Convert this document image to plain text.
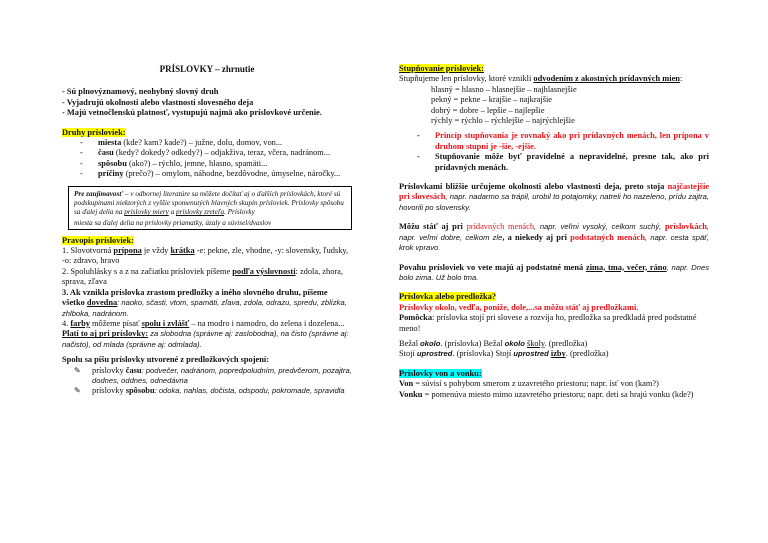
PRÍSLOVKY – zhrnutie
- Sú plnovýznamový, neohybný slovný druh
- Vyjadrujú okolnosti alebo vlastnosti slovesného deja
- Majú vetnočlenskú platnosť, vystupujú najmä ako príslovkové určenie.
Druhy prísloviek:
-	miesta (kde? kam? kade?) – južne, dolu, domov, von...
-	času (kedy? dokedy? odkedy?) – odjakživa, teraz, včera, nadránom...
-	spôsobu (ako?) – rýchlo, jemne, hlasno, spamäti...
-	príčiny (prečo?) – omylom, náhodne, bezdôvodne, úmyselne, náročky...
Pre zaujímavosť – v odbornej literatúre sa môžete dočítať aj o ďalších príslovkách, ktoré sú podskupinami niektorých z vyššie spomenutých hlavných skupín prísloviek. Príslovky spôsobu sa ďalej delia na príslovky miery a príslovky zreteľa. Príslovky
miesta sa ďalej delia na príslovky priamatky, úzaly a súvisel/dvaslov
Pravopis prísloviek:
1. Slovotvorná prípona je vždy krátka -e: pekne, zle, vhodne, -y: slovensky, ľudsky, -o: zdravo, hravo
2. Spoluhlásky s a z na začiatku prísloviek píšeme podľa výslovnosti: zdola, zhora, sprava, zľava
3. Ak vznikla príslovka zrastom predložky a iného slovného druhu, píšeme všetko dovedna: naoko, sčasti, vtom, spamäti, zľava, zdola, odrazu, spredu, zblízka, zhlboka, nadránom.
4. farby môžeme písať spolu i zvlášť – na modro i namodro, do zelena i dozelena...
Platí to aj pri príslovky: za slobodna (správne aj: zaslobodna), na čisto (správne aj: načisto), od mlada (správne aj: odmlada).
Spolu sa píšu príslovky utvorené z predložkových spojení:
✎	príslovky času: podvečer, nadránom, popredpoludním, predvčerom, pozajtra, dodnes, oddnes, odnedávna
✎	príslovky spôsobu: odoka, nahlas, dočista, odspodu, pokromade, spravidla
Stupňovanie prísloviek:
Stupňujeme len príslovky, ktoré vznikli odvodením z akostných prídavných mien:
hlasný = hlasno – hlasnejšie – najhlasnejšie
pekný = pekne – krajšie – najkrajšie
dobrý = dobre – lepšie – najlepšie
rýchly = rýchlo – rýchlejšie – najrýchlejšie
-	Princíp stupňovania je rovnaký ako pri prídavných menách, len prípona v druhom stupni je -šie, -ejšie.
-	Stupňovanie môže byť pravidelné a nepravidelné, presne tak, ako pri prídavných menách.
Príslovkami bližšie určujeme okolnosti alebo vlastnosti deja, preto stoja najčastejšie pri slovesách, napr. nadarmo sa trápil, urobil to potajomky, natreli ho nazeleno, prídu zajtra, hovorili po slovensky.
Môžu stáť aj pri prídavných menách, napr. veľmi vysoký, celkom suchý, príslovkách, napr. veľmi dobre, celkom zle, a niekedy aj pri podstatných menách, napr. cesta späť, krok vpravo.
Povahu prísloviek vo vete majú aj podstatné mená zima, tma, večer, ráno, napr. Dnes bolo zima. Už bolo tma.
Príslovka alebo predložka?
Príslovky okolo, vedľa, poniže, dole,...sa môžu stáť aj predložkami.
Pomôcka: príslovka stojí pri slovese a rozvíja ho, predložka sa predkladá pred podstatné meno!
Bežal okolo. (príslovka) Bežal okolo školy. (predložka)
Stojí uprostred. (príslovka) Stojí uprostred izby. (predložka)
Príslovky von a vonku:
Von = súvisí s pohybom smerom z uzavretého priestoru; napr. ísť von (kam?)
Vonku = pomenúva miesto mimo uzavretého priestoru; napr. deti sa hrajú vonku (kde?)
